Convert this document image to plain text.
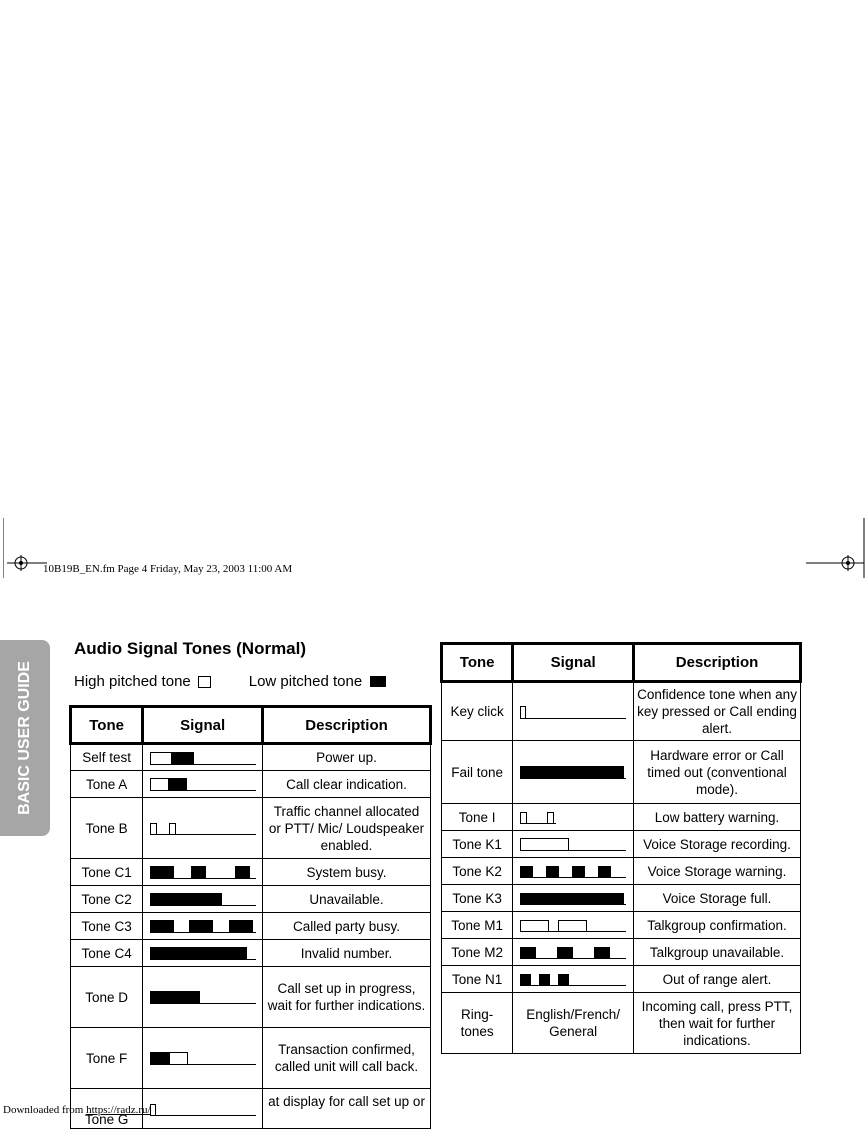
10B19B_EN.fm Page 4 Friday, May 23, 2003 11:00 AM
BASIC USER GUIDE
Audio Signal Tones (Normal)
High pitched tone	Low pitched tone
Tone	Signal	Description
Self test		Power up.
Tone A		Call clear indication.
Tone B		Traffic channel allocated or PTT/ Mic/ Loudspeaker enabled.
Tone C1		System busy.
Tone C2		Unavailable.
Tone C3		Called party busy.
Tone C4		Invalid number.
Tone D		Call set up in progress, wait for further indications.
Tone F		Transaction confirmed, called unit will call back.
Tone G		at display for call set up or
Tone	Signal	Description
Key click		Confidence tone when any key pressed or Call ending alert.
Fail tone		Hardware error or Call timed out (conventional mode).
Tone I		Low battery warning.
Tone K1		Voice Storage recording.
Tone K2		Voice Storage warning.
Tone K3		Voice Storage full.
Tone M1		Talkgroup confirmation.
Tone M2		Talkgroup unavailable.
Tone N1		Out of range alert.
Ring-tones	English/French/ General	Incoming call, press PTT, then wait for further indications.
Downloaded from https://radz.ru/
